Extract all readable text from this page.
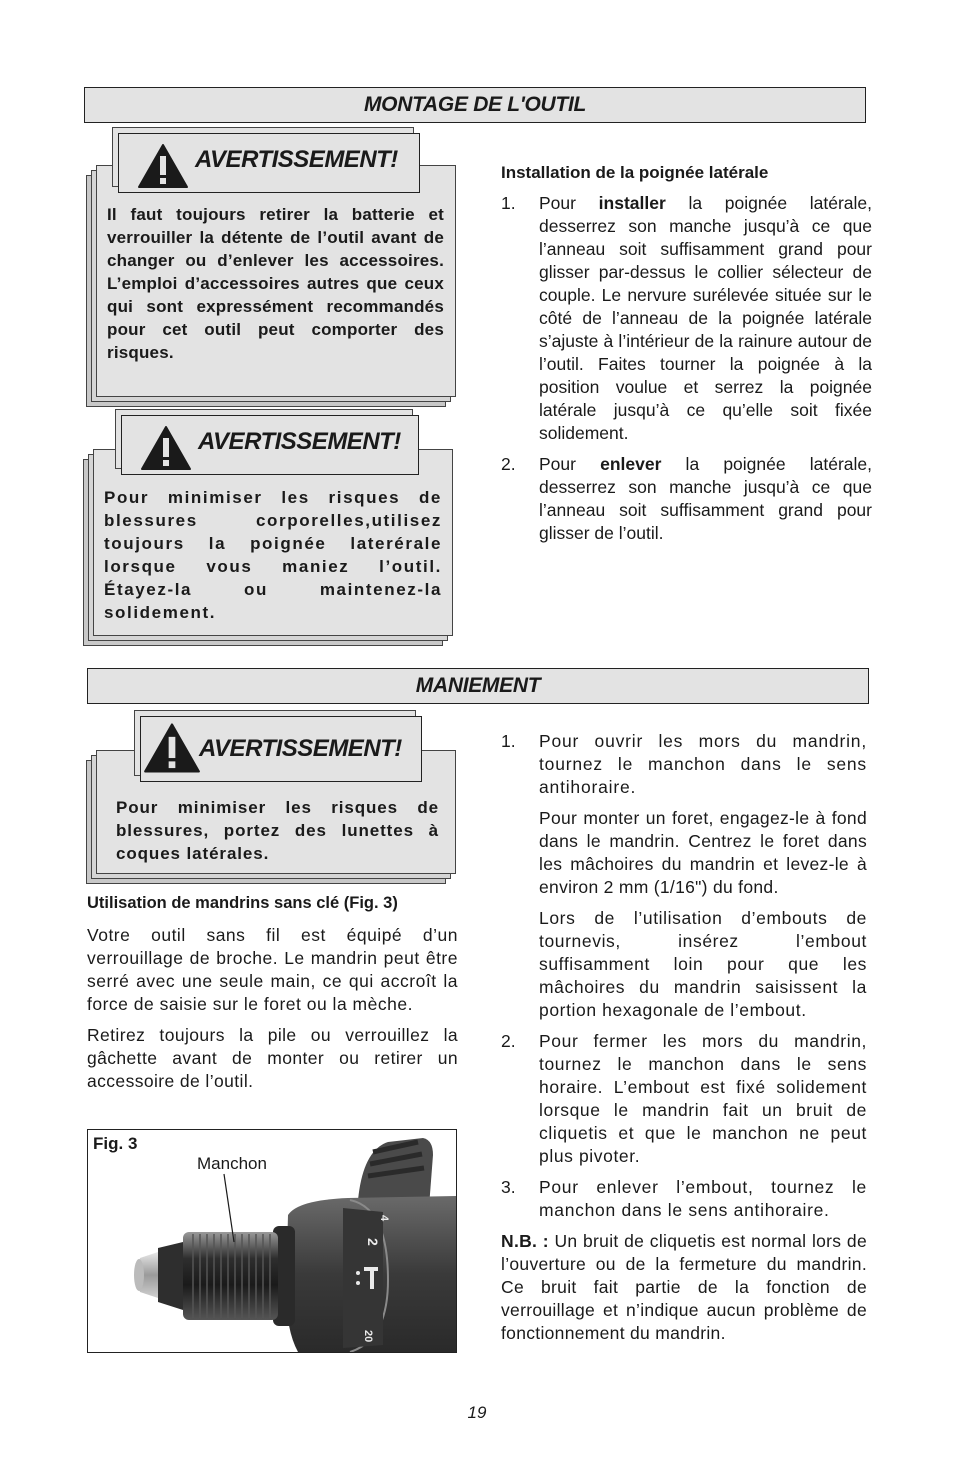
MONTAGE DE L'OUTIL
AVERTISSEMENT!
Il faut toujours retirer la batterie et verrouiller la détente de l’outil avant de changer ou d’enlever les accessoires. L’emploi d’accessoires autres que ceux qui sont expressément recommandés pour cet outil peut comporter des risques.
AVERTISSEMENT!
Pour minimiser les risques de blessures corporelles,utilisez toujours la poignée laterérale lorsque vous maniez l’outil. Étayez-la ou maintenez-la solidement.
Installation de la poignée latérale
1. Pour installer la poignée latérale, desserrez son manche jusqu’à ce que l’anneau soit suffisamment grand pour glisser par-dessus le collier sélecteur de couple. Le nervure surélevée située sur le côté de l’anneau de la poignée latérale s’ajuste à l’intérieur de la rainure autour de l’outil. Faites tourner la poignée à la position voulue et serrez la poignée latérale jusqu’à ce qu’elle soit fixée solidement.
2. Pour enlever la poignée latérale, desserrez son manche jusqu’à ce que l’anneau soit suffisamment grand pour glisser de l’outil.
MANIEMENT
AVERTISSEMENT!
Pour minimiser les risques de blessures, portez des lunettes à coques latérales.
Utilisation de mandrins sans clé (Fig. 3)

Votre outil sans fil est équipé d’un verrouillage de broche. Le mandrin peut être serré avec une seule main, ce qui accroît la force de saisie sur le foret ou la mèche.

Retirez toujours la pile ou verrouillez la gâchette avant de monter ou retirer un accessoire de l’outil.

2
4
20
Fig. 3
Manchon
1. Pour ouvrir les mors du mandrin, tournez le manchon dans le sens antihoraire.

Pour monter un foret, engagez-le à fond dans le mandrin. Centrez le foret dans les mâchoires du mandrin et levez-le à environ 2 mm (1/16") du fond.

Lors de l’utilisation d’embouts de tournevis, insérez l’embout suffisamment loin pour que les mâchoires du mandrin saisissent la portion hexagonale de l’embout.

2. Pour fermer les mors du mandrin, tournez le manchon dans le sens horaire. L’embout est fixé solidement lorsque le mandrin fait un bruit de cliquetis et que le manchon ne peut plus pivoter.
3. Pour enlever l’embout, tournez le manchon dans le sens antihoraire.

N.B. : Un bruit de cliquetis est normal lors de l’ouverture ou de la fermeture du mandrin. Ce bruit fait partie de la fonction de verrouillage et n’indique aucun problème de fonctionnement du mandrin.

19
